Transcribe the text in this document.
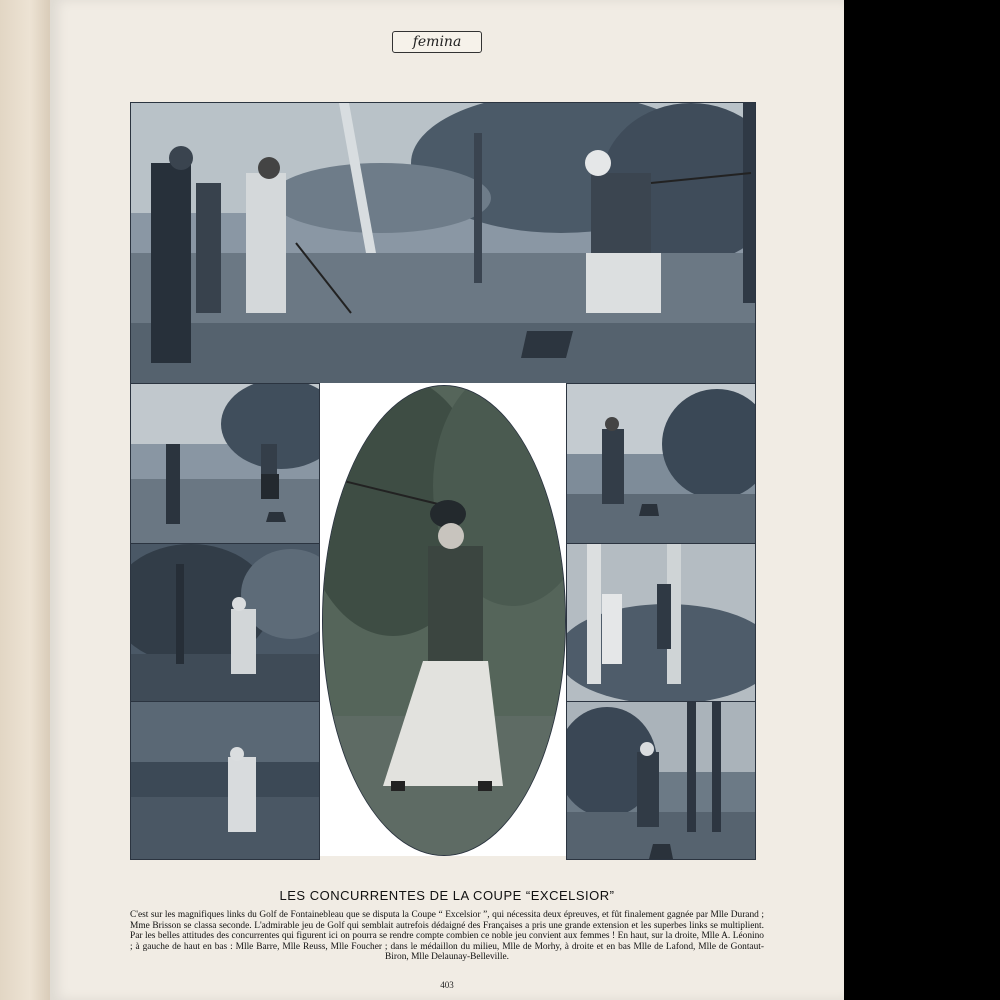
femina
LES CONCURRENTES DE LA COUPE “EXCELSIOR”
C'est sur les magnifiques links du Golf de Fontainebleau que se disputa la Coupe “ Excelsior ”, qui nécessita deux épreuves, et fût finalement gagnée par Mlle Durand ; Mme Brisson se classa seconde. L'admirable jeu de Golf qui semblait autrefois dédaigné des Françaises a pris une grande extension et les superbes links se multiplient. Par les belles attitudes des concurrentes qui figurent ici on pourra se rendre compte combien ce noble jeu convient aux femmes ! En haut, sur la droite, Mlle A. Léonino ; à gauche de haut en bas : Mlle Barre, Mlle Reuss, Mlle Foucher ; dans le médaillon du milieu, Mlle de Morhy, à droite et en bas Mlle de Lafond, Mlle de Gontaut-Biron, Mlle Delaunay-Belleville.
403
